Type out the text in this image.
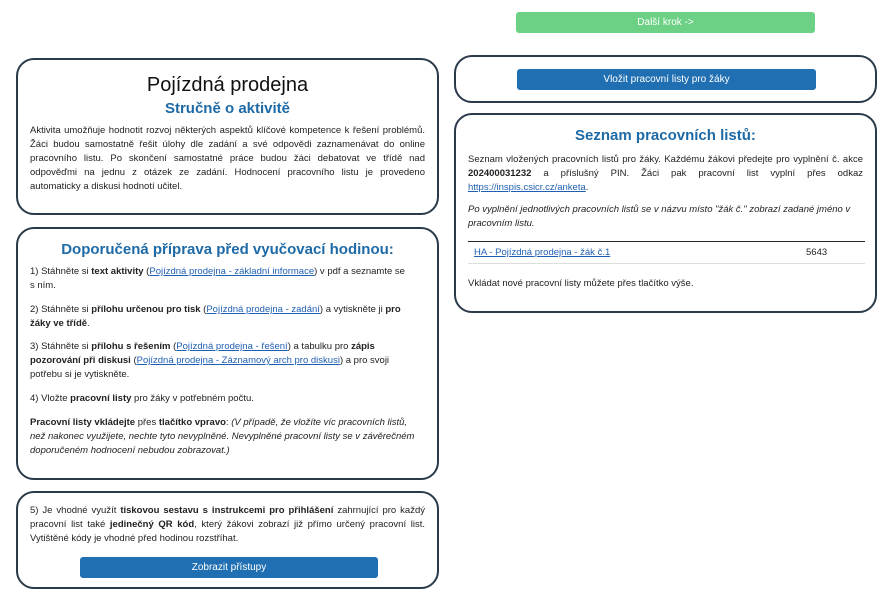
Další krok ->
Pojízdná prodejna
Stručně o aktivitě

Aktivita umožňuje hodnotit rozvoj některých aspektů klíčové kompetence k řešení problémů. Žáci budou samostatně řešit úlohy dle zadání a své odpovědi zaznamenávat do online pracovního listu. Po skončení samostatné práce budou žáci debatovat ve třídě nad odpověďmi na jednu z otázek ze zadání. Hodnocení pracovního listu je provedeno automaticky a diskusi hodnotí učitel.

Doporučená příprava před vyučovací hodinou:

1) Stáhněte si text aktivity (Pojízdná prodejna - základní informace) v pdf a seznamte se s ním.

2) Stáhněte si přílohu určenou pro tisk (Pojízdná prodejna - zadání) a vytiskněte ji pro žáky ve třídě.

3) Stáhněte si přílohu s řešením (Pojízdná prodejna - řešení) a tabulku pro zápis pozorování při diskusi (Pojízdná prodejna - Záznamový arch pro diskusi) a pro svoji potřebu si je vytiskněte.

4) Vložte pracovní listy pro žáky v potřebném počtu.

Pracovní listy vkládejte přes tlačítko vpravo: (V případě, že vložíte víc pracovních listů, než nakonec využijete, nechte tyto nevyplněné. Nevyplněné pracovní listy se v závěrečném doporučeném hodnocení nebudou zobrazovat.)

5) Je vhodné využít tiskovou sestavu s instrukcemi pro přihlášení zahrnující pro každý pracovní list také jedinečný QR kód, který žákovi zobrazí již přímo určený pracovní list. Vytištěné kódy je vhodné před hodinou rozstříhat.

Zobrazit přístupy
Vložit pracovní listy pro žáky
Seznam pracovních listů:

Seznam vložených pracovních listů pro žáky. Každému žákovi předejte pro vyplnění č. akce 202400031232 a příslušný PIN. Žáci pak pracovní list vyplní přes odkaz https://inspis.csicr.cz/anketa.

Po vyplnění jednotlivých pracovních listů se v názvu místo "žák č." zobrazí zadané jméno v pracovním listu.

HA - Pojízdná prodejna - žák č.1	5643

Vkládat nové pracovní listy můžete přes tlačítko výše.
